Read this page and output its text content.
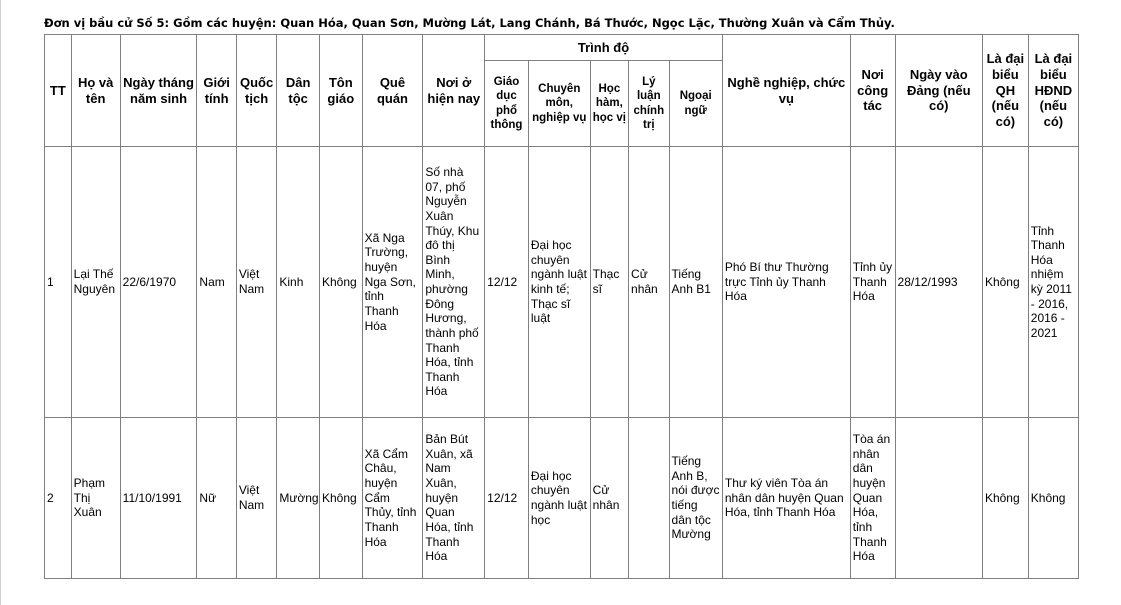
Đơn vị bầu cử Số 5: Gồm các huyện: Quan Hóa, Quan Sơn, Mường Lát, Lang Chánh, Bá Thước, Ngọc Lặc, Thường Xuân và Cẩm Thủy.
TT	Họ và tên	Ngày tháng năm sinh	Giới tính	Quốc tịch	Dân tộc	Tôn giáo	Quê quán	Nơi ở hiện nay	Trình độ					Nghề nghiệp, chức vụ	Nơi công tác	Ngày vào Đảng (nếu có)	Là đại biểu QH (nếu có)	Là đại biểu HĐND (nếu có)
									Giáo dục phổ thông	Chuyên môn, nghiệp vụ	Học hàm, học vị	Lý luận chính trị	Ngoại ngữ					
1	Lại Thế Nguyên	22/6/1970	Nam	Việt Nam	Kinh	Không	Xã Nga Trường, huyện Nga Sơn, tỉnh Thanh Hóa	Số nhà 07, phố Nguyễn Xuân Thúy, Khu đô thị Bình Minh, phường Đông Hương, thành phố Thanh Hóa, tỉnh Thanh Hóa	12/12	Đại học chuyên ngành luật kinh tế; Thạc sĩ luật	Thạc sĩ	Cử nhân	Tiếng Anh B1	Phó Bí thư Thường trực Tỉnh ủy Thanh Hóa	Tỉnh ủy Thanh Hóa	28/12/1993	Không	Tỉnh Thanh Hóa nhiệm kỳ 2011 - 2016, 2016 - 2021
2	Phạm Thị Xuân	11/10/1991	Nữ	Việt Nam	Mường	Không	Xã Cẩm Châu, huyện Cẩm Thủy, tỉnh Thanh Hóa	Bản Bút Xuân, xã Nam Xuân, huyện Quan Hóa, tỉnh Thanh Hóa	12/12	Đại học chuyên ngành luật học	Cử nhân		Tiếng Anh B, nói được tiếng dân tộc Mường	Thư ký viên Tòa án nhân dân huyện Quan Hóa, tỉnh Thanh Hóa	Tòa án nhân dân huyện Quan Hóa, tỉnh Thanh Hóa		Không	Không
